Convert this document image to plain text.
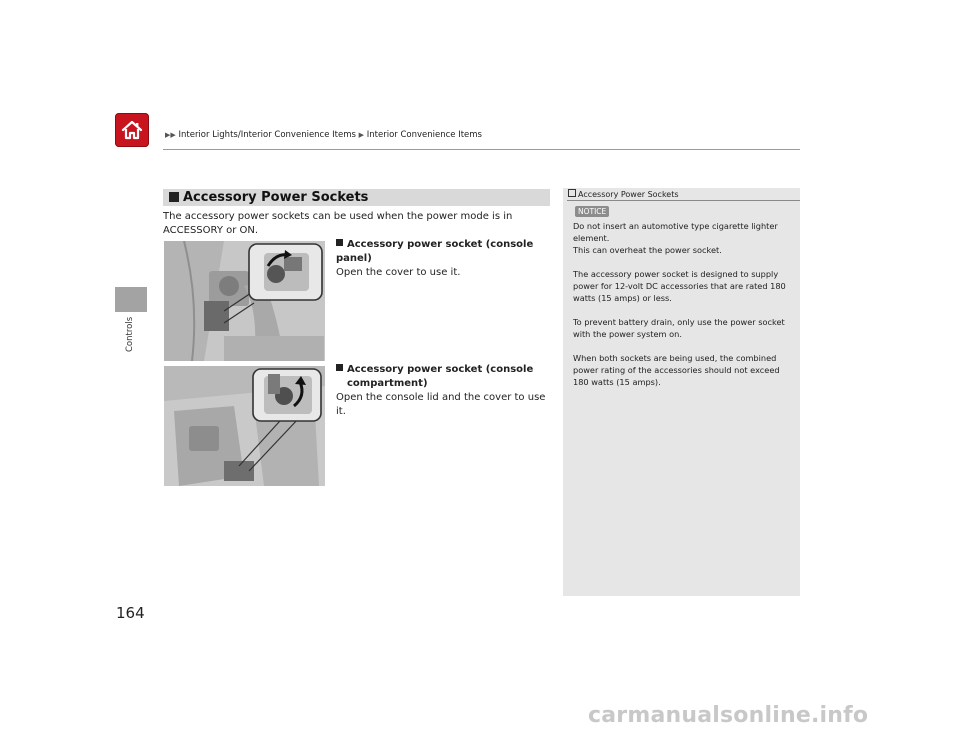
▶▶ Interior Lights/Interior Convenience Items ▶ Interior Convenience Items
Controls
164
Accessory Power Sockets
The accessory power sockets can be used when the power mode is in ACCESSORY or ON.
Accessory power socket (console panel)
Open the cover to use it.
Accessory power socket (console compartment)
Open the console lid and the cover to use it.
Accessory Power Sockets
NOTICE

Do not insert an automotive type cigarette lighter element.
This can overheat the power socket.

The accessory power socket is designed to supply power for 12-volt DC accessories that are rated 180 watts (15 amps) or less.

To prevent battery drain, only use the power socket with the power system on.

When both sockets are being used, the combined power rating of the accessories should not exceed 180 watts (15 amps).

carmanualsonline.info
